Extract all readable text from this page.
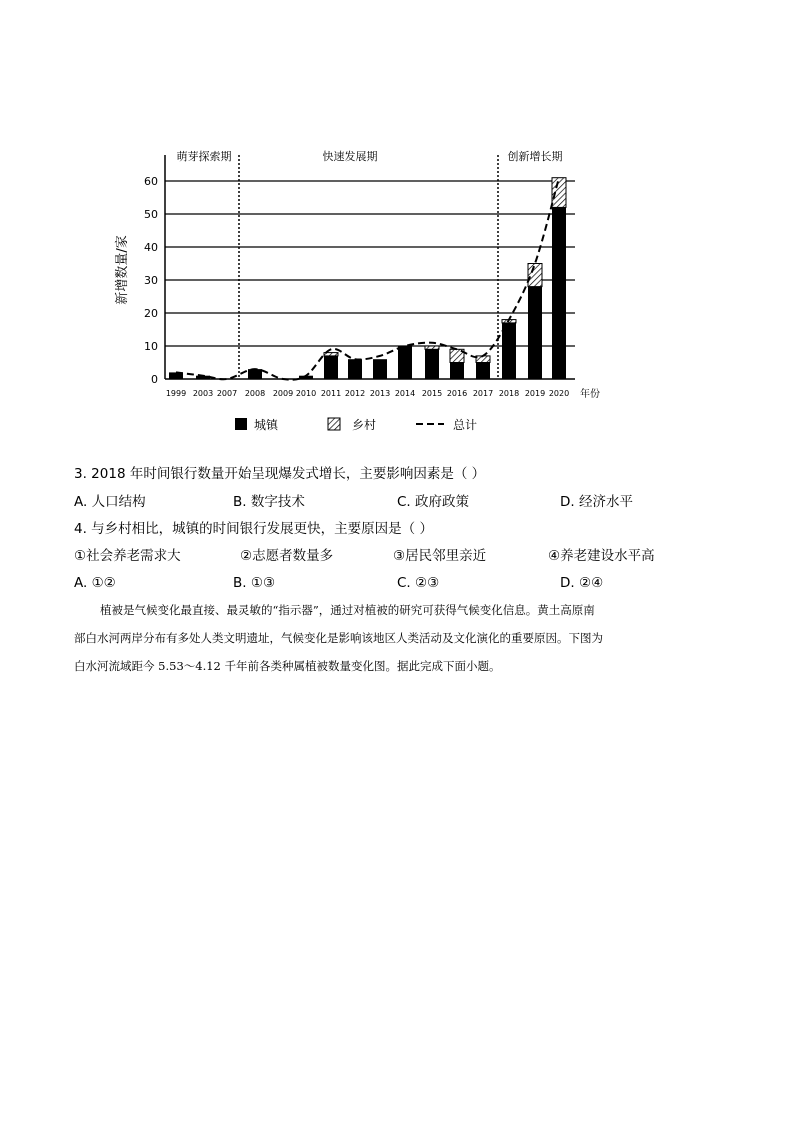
萌芽探索期	快速发展期	创新增长期
0
10
20
30
40
50
60
新增数量/家
1999 2003 2007 2008 2009 2010 2011 2012 2013 2014 2015 2016 2017 2018 2019 2020 年份
城镇	乡村	总计
3. 2018 年时间银行数量开始呈现爆发式增长，主要影响因素是（ ）
A. 人口结构	B. 数字技术	C. 政府政策	D. 经济水平
4. 与乡村相比，城镇的时间银行发展更快，主要原因是（ ）
①社会养老需求大	②志愿者数量多	③居民邻里亲近	④养老建设水平高
A. ①②	B. ①③	C. ②③	D. ②④
植被是气候变化最直接、最灵敏的“指示器”，通过对植被的研究可获得气候变化信息。黄土高原南
部白水河两岸分布有多处人类文明遗址，气候变化是影响该地区人类活动及文化演化的重要原因。下图为
白水河流域距今 5.53～4.12 千年前各类种属植被数量变化图。据此完成下面小题。
